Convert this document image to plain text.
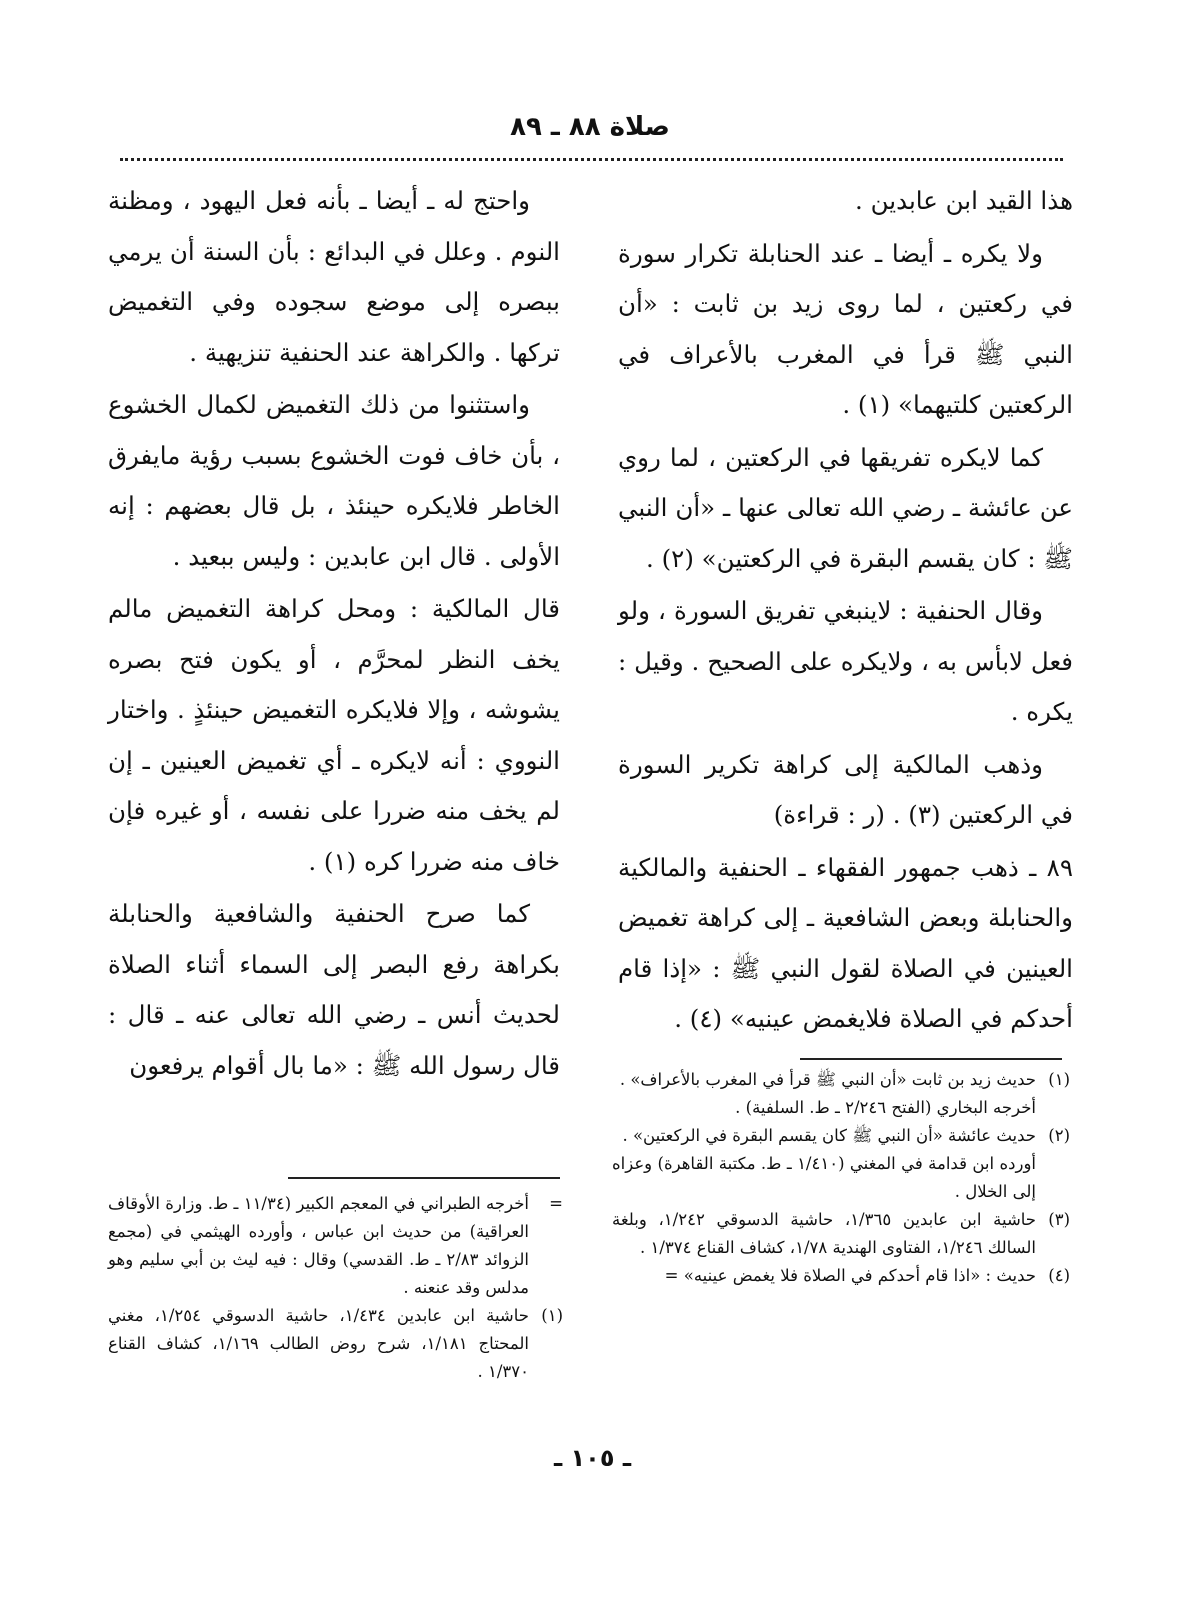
صلاة ٨٨ ـ ٨٩

هذا القيد ابن عابدين .

ولا يكره ـ أيضا ـ عند الحنابلة تكرار سورة في ركعتين ، لما روى زيد بن ثابت : «أن النبي ﷺ قرأ في المغرب بالأعراف في الركعتين كلتيهما» (١) .

كما لايكره تفريقها في الركعتين ، لما روي عن عائشة ـ رضي الله تعالى عنها ـ «أن النبي ﷺ : كان يقسم البقرة في الركعتين» (٢) .

وقال الحنفية : لاينبغي تفريق السورة ، ولو فعل لابأس به ، ولايكره على الصحيح . وقيل : يكره .

وذهب المالكية إلى كراهة تكرير السورة في الركعتين (٣) . (ر : قراءة)

٨٩ ـ ذهب جمهور الفقهاء ـ الحنفية والمالكية والحنابلة وبعض الشافعية ـ إلى كراهة تغميض العينين في الصلاة لقول النبي ﷺ : «إذا قام أحدكم في الصلاة فلايغمض عينيه» (٤) .

واحتج له ـ أيضا ـ بأنه فعل اليهود ، ومظنة النوم . وعلل في البدائع : بأن السنة أن يرمي ببصره إلى موضع سجوده وفي التغميض تركها . والكراهة عند الحنفية تنزيهية .

واستثنوا من ذلك التغميض لكمال الخشوع ، بأن خاف فوت الخشوع بسبب رؤية مايفرق الخاطر فلايكره حينئذ ، بل قال بعضهم : إنه الأولى . قال ابن عابدين : وليس ببعيد .

قال المالكية : ومحل كراهة التغميض مالم يخف النظر لمحرَّم ، أو يكون فتح بصره يشوشه ، وإلا فلايكره التغميض حينئذٍ . واختار النووي : أنه لايكره ـ أي تغميض العينين ـ إن لم يخف منه ضررا على نفسه ، أو غيره فإن خاف منه ضررا كره (١) .

كما صرح الحنفية والشافعية والحنابلة بكراهة رفع البصر إلى السماء أثناء الصلاة لحديث أنس ـ رضي الله تعالى عنه ـ قال : قال رسول الله ﷺ : «ما بال أقوام يرفعون	(١)
حديث زيد بن ثابت «أن النبي ﷺ قرأ في المغرب بالأعراف» .
أخرجه البخاري (الفتح ٢/٢٤٦ ـ ط. السلفية) .
(٢)
حديث عائشة «أن النبي ﷺ كان يقسم البقرة في الركعتين» .
أورده ابن قدامة في المغني (١/٤١٠ ـ ط. مكتبة القاهرة) وعزاه إلى الخلال .
(٣)
حاشية ابن عابدين ١/٣٦٥، حاشية الدسوقي ١/٢٤٢، وبلغة السالك ١/٢٤٦، الفتاوى الهندية ١/٧٨، كشاف القناع ١/٣٧٤ .
(٤)
حديث : «اذا قام أحدكم في الصلاة فلا يغمض عينيه» =
=
أخرجه الطبراني في المعجم الكبير (١١/٣٤ ـ ط. وزارة الأوقاف العراقية) من حديث ابن عباس ، وأورده الهيثمي في (مجمع الزوائد ٢/٨٣ ـ ط. القدسي) وقال : فيه ليث بن أبي سليم وهو مدلس وقد عنعنه .
(١)
حاشية ابن عابدين ١/٤٣٤، حاشية الدسوقي ١/٢٥٤، مغني المحتاج ١/١٨١، شرح روض الطالب ١/١٦٩، كشاف القناع ١/٣٧٠ .
ـ ١٠٥ ـ
